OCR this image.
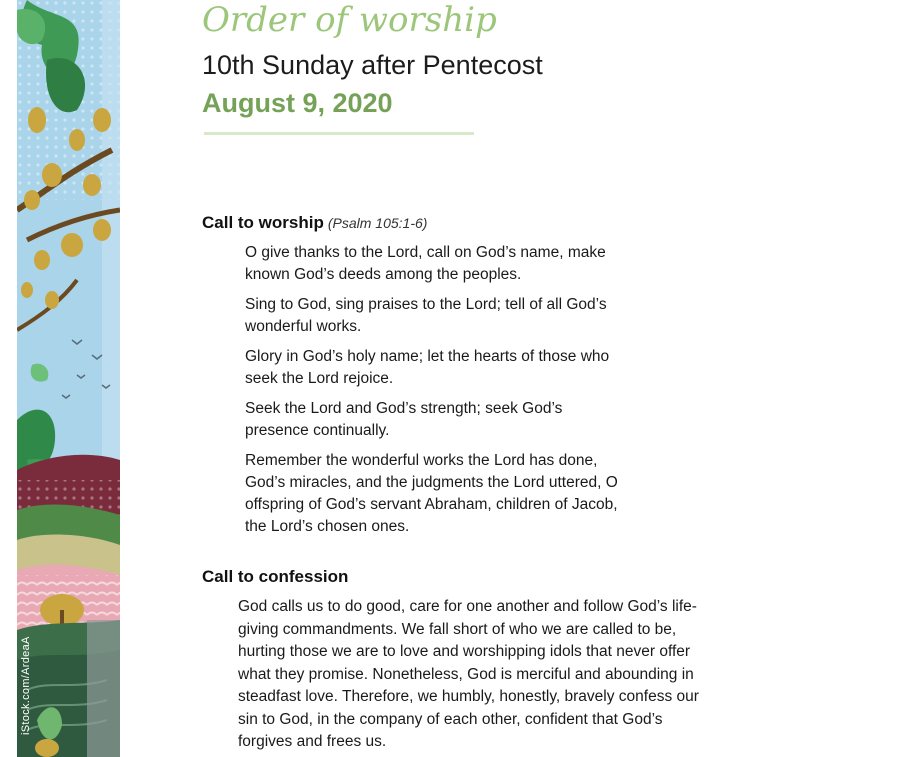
iStock.com/ArdeaA
Order of worship
10th Sunday after Pentecost
August 9, 2020
Call to worship (Psalm 105:1-6)

O give thanks to the Lord, call on God’s name, make known God’s deeds among the peoples.

Sing to God, sing praises to the Lord; tell of all God’s wonderful works.

Glory in God’s holy name; let the hearts of those who seek the Lord rejoice.

Seek the Lord and God’s strength; seek God’s presence continually.

Remember the wonderful works the Lord has done, God’s miracles, and the judgments the Lord uttered, O offspring of God’s servant Abraham, children of Jacob, the Lord’s chosen ones.

Call to confession

God calls us to do good, care for one another and follow God’s life-giving commandments. We fall short of who we are called to be, hurting those we are to love and worshipping idols that never offer what they promise. Nonetheless, God is merciful and abounding in steadfast love. Therefore, we humbly, honestly, bravely confess our sin to God, in the company of each other, confident that God’s forgives and frees us.
